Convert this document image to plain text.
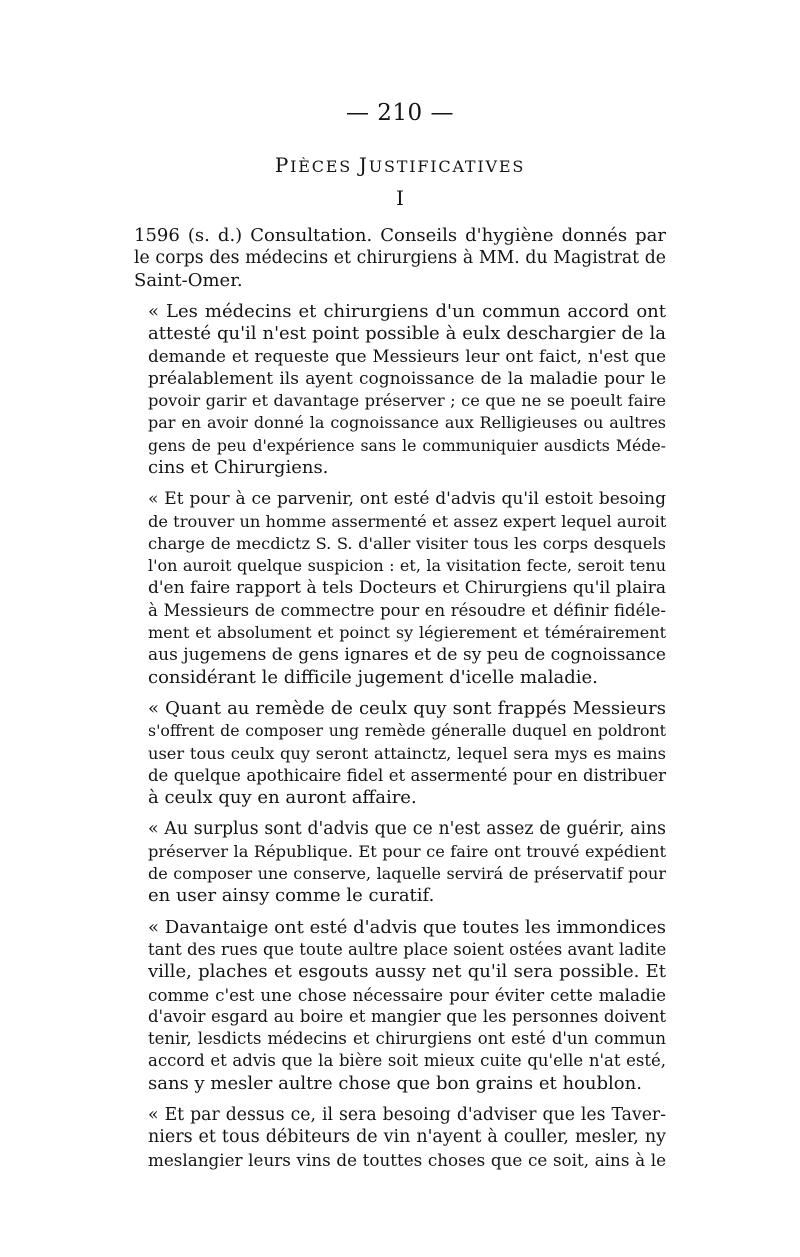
— 210 —
PIÈCES JUSTIFICATIVES
I

1596 (s. d.) Consultation. Conseils d'hygiène donnés par
le corps des médecins et chirurgiens à MM. du Magistrat de
Saint-Omer.

« Les médecins et chirurgiens d'un commun accord ont
attesté qu'il n'est point possible à eulx deschargier de la
demande et requeste que Messieurs leur ont faict, n'est que
préalablement ils ayent cognoissance de la maladie pour le
povoir garir et davantage préserver ; ce que ne se poeult faire
par en avoir donné la cognoissance aux Relligieuses ou aultres
gens de peu d'expérience sans le communiquier ausdicts Méde-
cins et Chirurgiens.

« Et pour à ce parvenir, ont esté d'advis qu'il estoit besoing
de trouver un homme assermenté et assez expert lequel auroit
charge de mecdictz S. S. d'aller visiter tous les corps desquels
l'on auroit quelque suspicion : et, la visitation fecte, seroit tenu
d'en faire rapport à tels Docteurs et Chirurgiens qu'il plaira
à Messieurs de commectre pour en résoudre et définir fidéle-
ment et absolument et poinct sy légierement et témérairement
aus jugemens de gens ignares et de sy peu de cognoissance
considérant le difficile jugement d'icelle maladie.

« Quant au remède de ceulx quy sont frappés Messieurs
s'offrent de composer ung remède géneralle duquel en poldront
user tous ceulx quy seront attainctz, lequel sera mys es mains
de quelque apothicaire fidel et assermenté pour en distribuer
à ceulx quy en auront affaire.

« Au surplus sont d'advis que ce n'est assez de guérir, ains
préserver la République. Et pour ce faire ont trouvé expédient
de composer une conserve, laquelle servirá de préservatif pour
en user ainsy comme le curatif.

« Davantaige ont esté d'advis que toutes les immondices
tant des rues que toute aultre place soient ostées avant ladite
ville, plaches et esgouts aussy net qu'il sera possible. Et
comme c'est une chose nécessaire pour éviter cette maladie
d'avoir esgard au boire et mangier que les personnes doivent
tenir, lesdicts médecins et chirurgiens ont esté d'un commun
accord et advis que la bière soit mieux cuite qu'elle n'at esté,
sans y mesler aultre chose que bon grains et houblon.

« Et par dessus ce, il sera besoing d'adviser que les Taver-
niers et tous débiteurs de vin n'ayent à couller, mesler, ny
meslangier leurs vins de touttes choses que ce soit, ains à le
